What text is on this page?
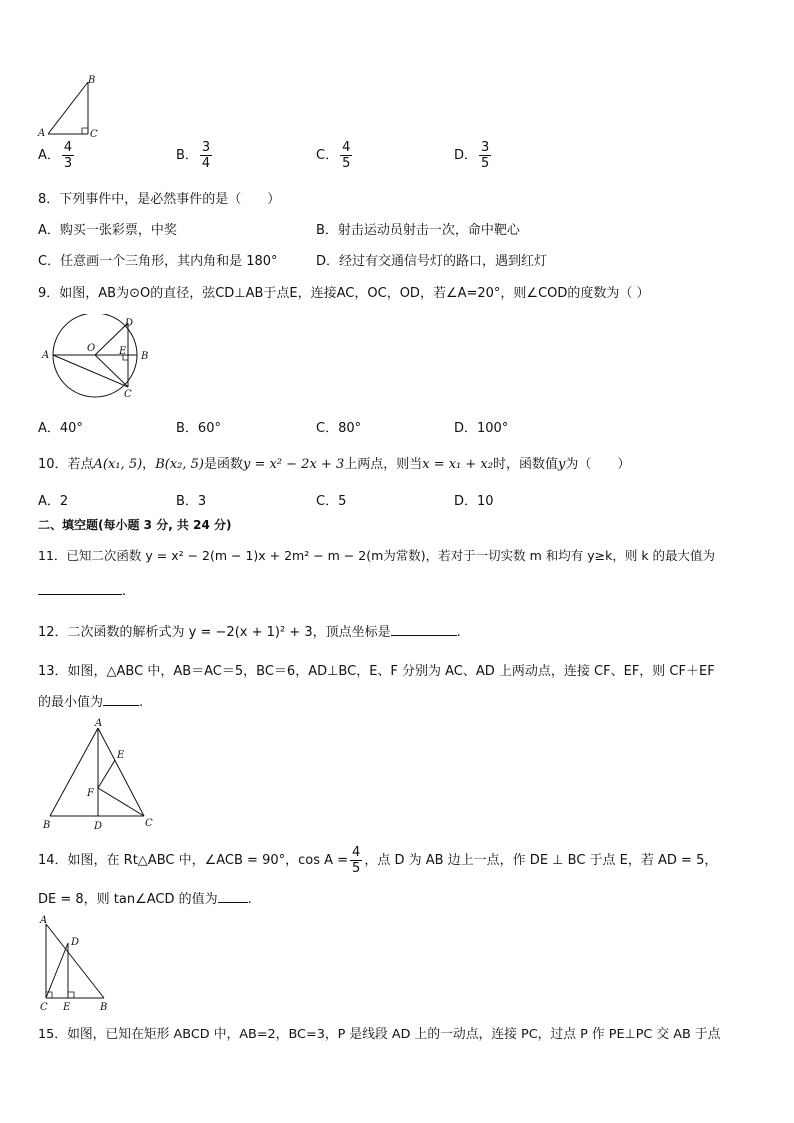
B
A	C
A． $\frac{4}{3}$	B． $\frac{3}{4}$	C． $\frac{4}{5}$	D． $\frac{3}{5}$
8．下列事件中，是必然事件的是（　　）
A．购买一张彩票，中奖	B．射击运动员射击一次，命中靶心
C．任意画一个三角形，其内角和是 180°	D．经过有交通信号灯的路口，遇到红灯
9．如图，AB为⊙O的直径，弦CD⊥AB于点E，连接AC，OC，OD，若∠A=20°，则∠COD的度数为（ ）
A
O E B
D
C
A．40°	B．60°	C．80°	D．100°
10．若点A(x₁, 5)，B(x₂, 5)是函数y = x² − 2x + 3上两点，则当x = x₁ + x₂时，函数值y为（　　）
A．2	B．3	C．5	D．10
二、填空题(每小题 3 分, 共 24 分)
11．已知二次函数 y = x² − 2(m − 1)x + 2m² − m − 2(m为常数)，若对于一切实数 m 和均有 y≥k，则 k 的最大值为
.
12．二次函数的解析式为 y = −2(x + 1)² + 3，顶点坐标是	.
13．如图，△ABC 中，AB＝AC＝5，BC＝6，AD⊥BC，E、F 分别为 AC、AD 上两动点，连接 CF、EF，则 CF＋EF
的最小值为	.
A
B	D	C
E
F
14．如图，在 Rt△ABC 中，∠ACB = 90°，$\cos A = \frac{4}{5}$ ，点 D 为 AB 边上一点，作 DE ⊥ BC 于点 E，若 AD = 5，
DE = 8，则 tan∠ACD 的值为 .
A
D
C E	B
15．如图，已知在矩形 ABCD 中，AB=2，BC=3，P 是线段 AD 上的一动点，连接 PC，过点 P 作 PE⊥PC 交 AB 于点
